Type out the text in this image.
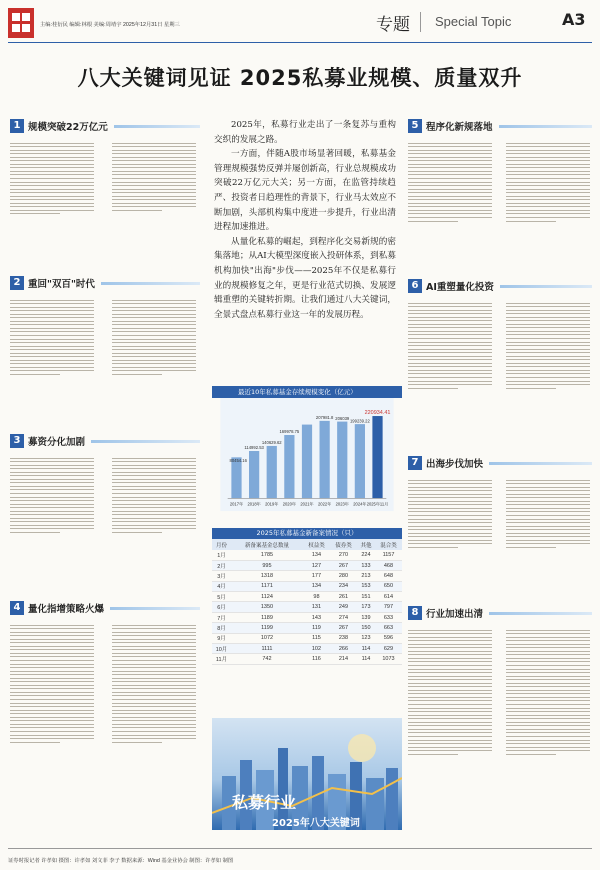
主编:桂衍民 编辑:林根 美编:周靖宇 2025年12月31日 星期三	专题 Special Topic	A3
八大关键词见证 2025私募业规模、质量双升
1 规模突破22万亿元
2 重回"双百"时代
3 募资分化加剧
4 量化指增策略火爆

2025年，私募行业走出了一条复苏与重构交织的发展之路。

一方面，伴随A股市场显著回暖，私募基金管理规模强势反弹并屡创新高，行业总规模成功突破22万亿元大关；另一方面，在监管持续趋严、投资者日趋理性的背景下，行业马太效应不断加剧，头部机构集中度进一步提升，行业出清进程加速推进。

从量化私募的崛起，到程序化交易新规的密集落地；从AI大模型深度嵌入投研体系，到私募机构加快"出海"步伐——2025年不仅是私募行业的规模修复之年，更是行业范式切换、发展逻辑重塑的关键转折期。让我们通过八大关键词，全景式盘点私募行业这一年的发展历程。

最近10年私募基金存续规模变化（亿元）
2017年 2018年
114992.53
2019年
140629.62
2020年
169978.75
2021年 2022年
207981.8
2023年
206039
2024年
199239.22
2025年11月
220934.41
80454.16
2025年私募基金新备案情况（只）
月份	新备案基金总数量	权益类	债券类	其他	混合类
1月	1785	134	270	224	1157
2月	995	127	267	133	468
3月	1318	177	280	213	648
4月	1171	134	234	153	650
5月	1124	98	261	151	614
6月	1350	131	249	173	797
7月	1189	143	274	139	633
8月	1199	119	267	150	663
9月	1072	115	238	123	596
10月	1111	102	266	114	629
11月	742	116	214	114	1073
私募行业
2025年八大关键词
5 程序化新规落地
6 AI重塑量化投资
7 出海步伐加快
8 行业加速出清
证券时报记者 许孝如 摄图：许孝如 刘文菲 李子 数据来源：Wind 基金业协会 制图：许孝如 制图
